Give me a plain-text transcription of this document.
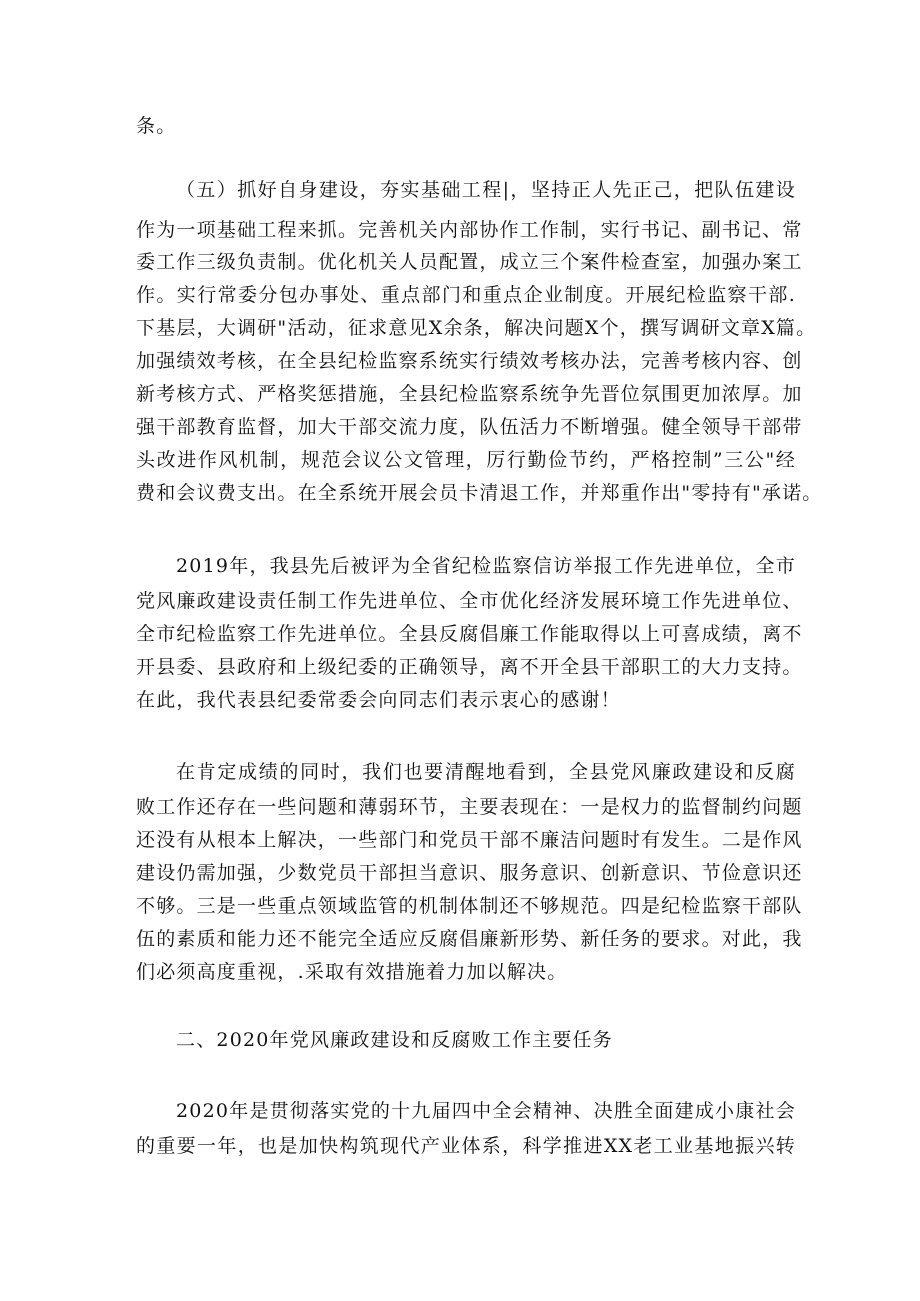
条。
（五）抓好自身建设，夯实基础工程|，坚持正人先正己，把队伍建设
作为一项基础工程来抓。完善机关内部协作工作制，实行书记、副书记、常
委工作三级负责制。优化机关人员配置，成立三个案件检查室，加强办案工
作。实行常委分包办事处、重点部门和重点企业制度。开展纪检监察干部.
下基层，大调研"活动，征求意见X余条，解决问题X个，撰写调研文章X篇。
加强绩效考核，在全县纪检监察系统实行绩效考核办法，完善考核内容、创
新考核方式、严格奖惩措施，全县纪检监察系统争先晋位氛围更加浓厚。加
强干部教育监督，加大干部交流力度，队伍活力不断增强。健全领导干部带
头改进作风机制，规范会议公文管理，厉行勤俭节约，严格控制”三公"经
费和会议费支出。在全系统开展会员卡清退工作，并郑重作出"零持有"承诺。
2019年，我县先后被评为全省纪检监察信访举报工作先进单位，全市
党风廉政建设责任制工作先进单位、全市优化经济发展环境工作先进单位、
全市纪检监察工作先进单位。全县反腐倡廉工作能取得以上可喜成绩，离不
开县委、县政府和上级纪委的正确领导，离不开全县干部职工的大力支持。
在此，我代表县纪委常委会向同志们表示衷心的感谢！
在肯定成绩的同时，我们也要清醒地看到，全县党风廉政建设和反腐
败工作还存在一些问题和薄弱环节，主要表现在：一是权力的监督制约问题
还没有从根本上解决，一些部门和党员干部不廉洁问题时有发生。二是作风
建设仍需加强，少数党员干部担当意识、服务意识、创新意识、节俭意识还
不够。三是一些重点领域监管的机制体制还不够规范。四是纪检监察干部队
伍的素质和能力还不能完全适应反腐倡廉新形势、新任务的要求。对此，我
们必须高度重视，.采取有效措施着力加以解决。
二、2020年党风廉政建设和反腐败工作主要任务
2020年是贯彻落实党的十九届四中全会精神、决胜全面建成小康社会
的重要一年，也是加快构筑现代产业体系，科学推进XX老工业基地振兴转
